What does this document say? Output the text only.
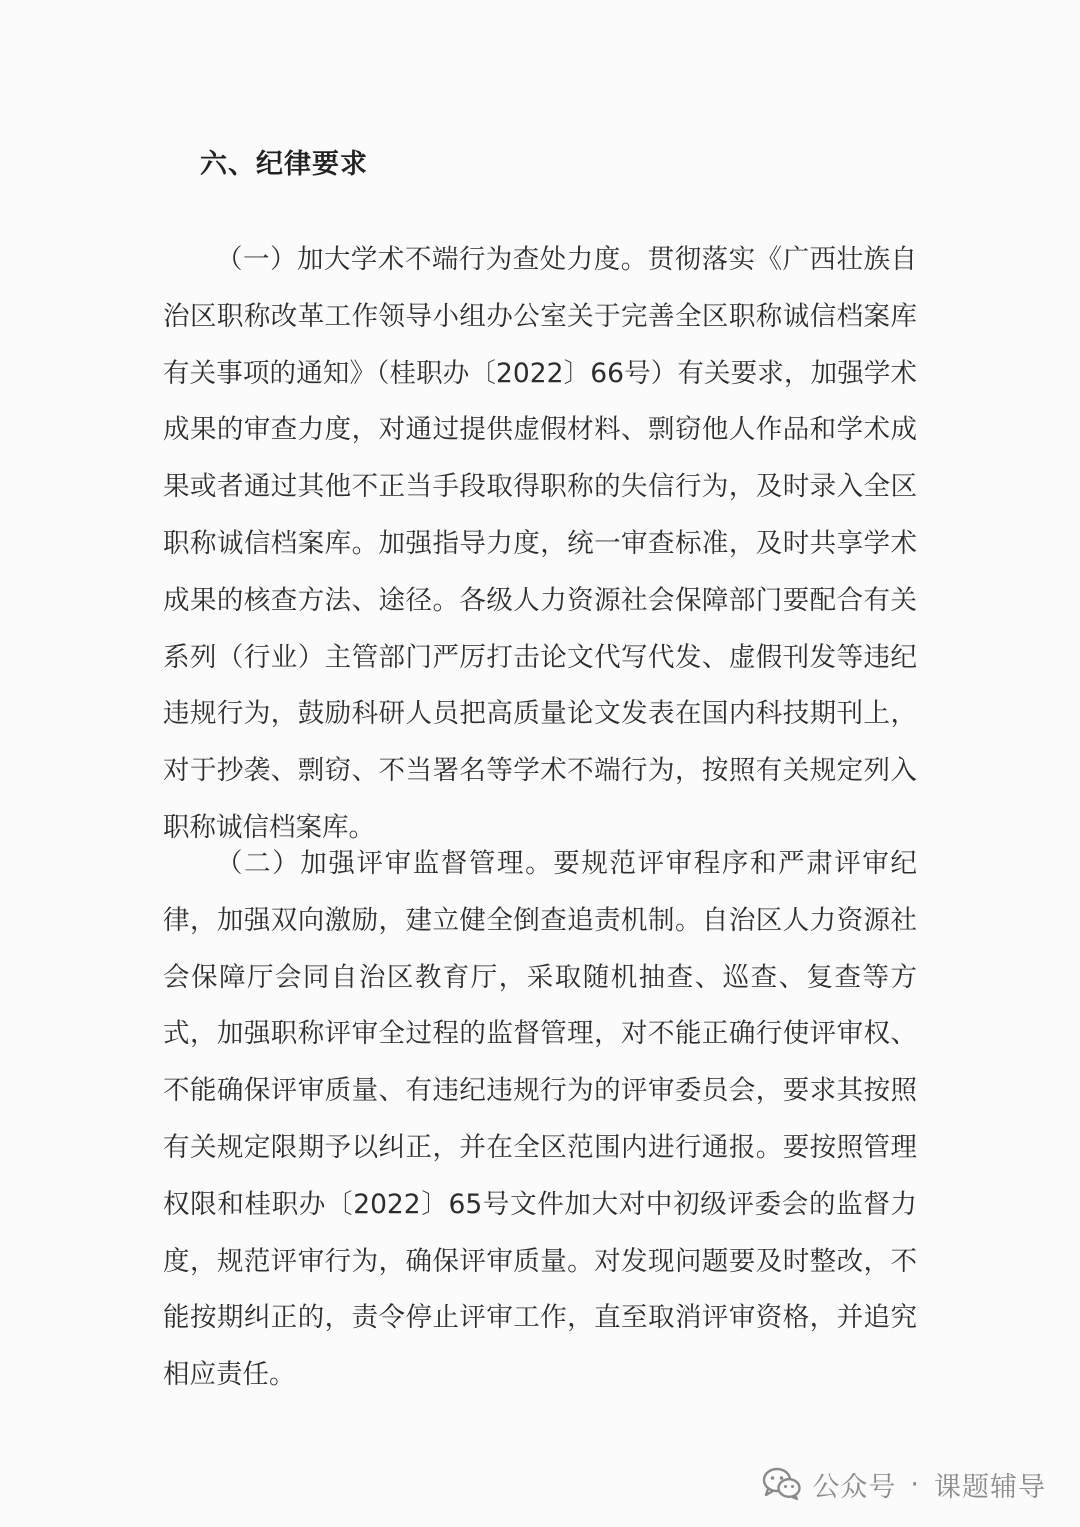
六、纪律要求

（一）加大学术不端行为查处力度。贯彻落实《广西壮族自治区职称改革工作领导小组办公室关于完善全区职称诚信档案库有关事项的通知》（桂职办〔2022〕66号）有关要求，加强学术成果的审查力度，对通过提供虚假材料、剽窃他人作品和学术成果或者通过其他不正当手段取得职称的失信行为，及时录入全区职称诚信档案库。加强指导力度，统一审查标准，及时共享学术成果的核查方法、途径。各级人力资源社会保障部门要配合有关系列（行业）主管部门严厉打击论文代写代发、虚假刊发等违纪违规行为，鼓励科研人员把高质量论文发表在国内科技期刊上，对于抄袭、剽窃、不当署名等学术不端行为，按照有关规定列入职称诚信档案库。

（二）加强评审监督管理。要规范评审程序和严肃评审纪律，加强双向激励，建立健全倒查追责机制。自治区人力资源社会保障厅会同自治区教育厅，采取随机抽查、巡查、复查等方式，加强职称评审全过程的监督管理，对不能正确行使评审权、不能确保评审质量、有违纪违规行为的评审委员会，要求其按照有关规定限期予以纠正，并在全区范围内进行通报。要按照管理权限和桂职办〔2022〕65号文件加大对中初级评委会的监督力度，规范评审行为，确保评审质量。对发现问题要及时整改，不能按期纠正的，责令停止评审工作，直至取消评审资格，并追究相应责任。

公众号 · 课题辅导
